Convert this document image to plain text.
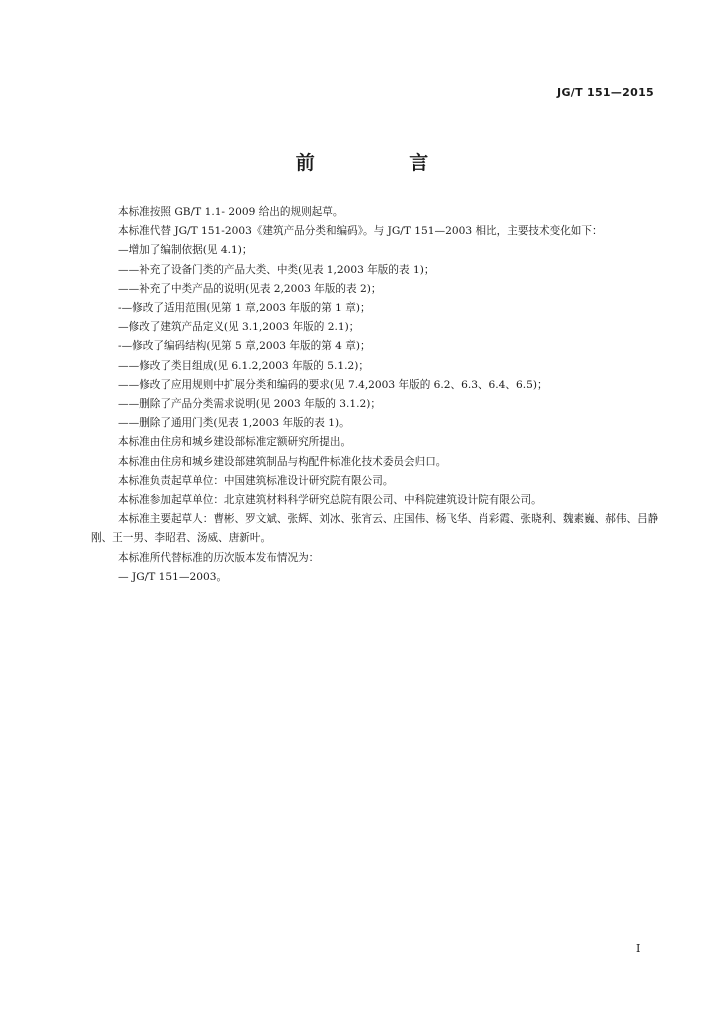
JG/T 151—2015
前 言

本标准按照 GB/T 1.1- 2009 给出的规则起草。

本标准代替 JG/T 151-2003《建筑产品分类和编码》。与 JG/T 151—2003 相比，主要技术变化如下：

—增加了编制依据(见 4.1)；

——补充了设备门类的产品大类、中类(见表 1,2003 年版的表 1)；

——补充了中类产品的说明(见表 2,2003 年版的表 2)；

-—修改了适用范围(见第 1 章,2003 年版的第 1 章)；

—修改了建筑产品定义(见 3.1,2003 年版的 2.1)；

-—修改了编码结构(见第 5 章,2003 年版的第 4 章)；

——修改了类目组成(见 6.1.2,2003 年版的 5.1.2)；

——修改了应用规则中扩展分类和编码的要求(见 7.4,2003 年版的 6.2、6.3、6.4、6.5)；

——删除了产品分类需求说明(见 2003 年版的 3.1.2)；

——删除了通用门类(见表 1,2003 年版的表 1)。

本标准由住房和城乡建设部标准定额研究所提出。

本标准由住房和城乡建设部建筑制品与构配件标准化技术委员会归口。

本标准负责起草单位：中国建筑标准设计研究院有限公司。

本标准参加起草单位：北京建筑材料科学研究总院有限公司、中科院建筑设计院有限公司。

本标准主要起草人：曹彬、罗文斌、张辉、刘冰、张宵云、庄国伟、杨飞华、肖彩霞、张晓利、魏素巍、郝伟、吕静刚、王一男、李昭君、汤威、唐新叶。

本标准所代替标准的历次版本发布情况为：

— JG/T 151—2003。

I
